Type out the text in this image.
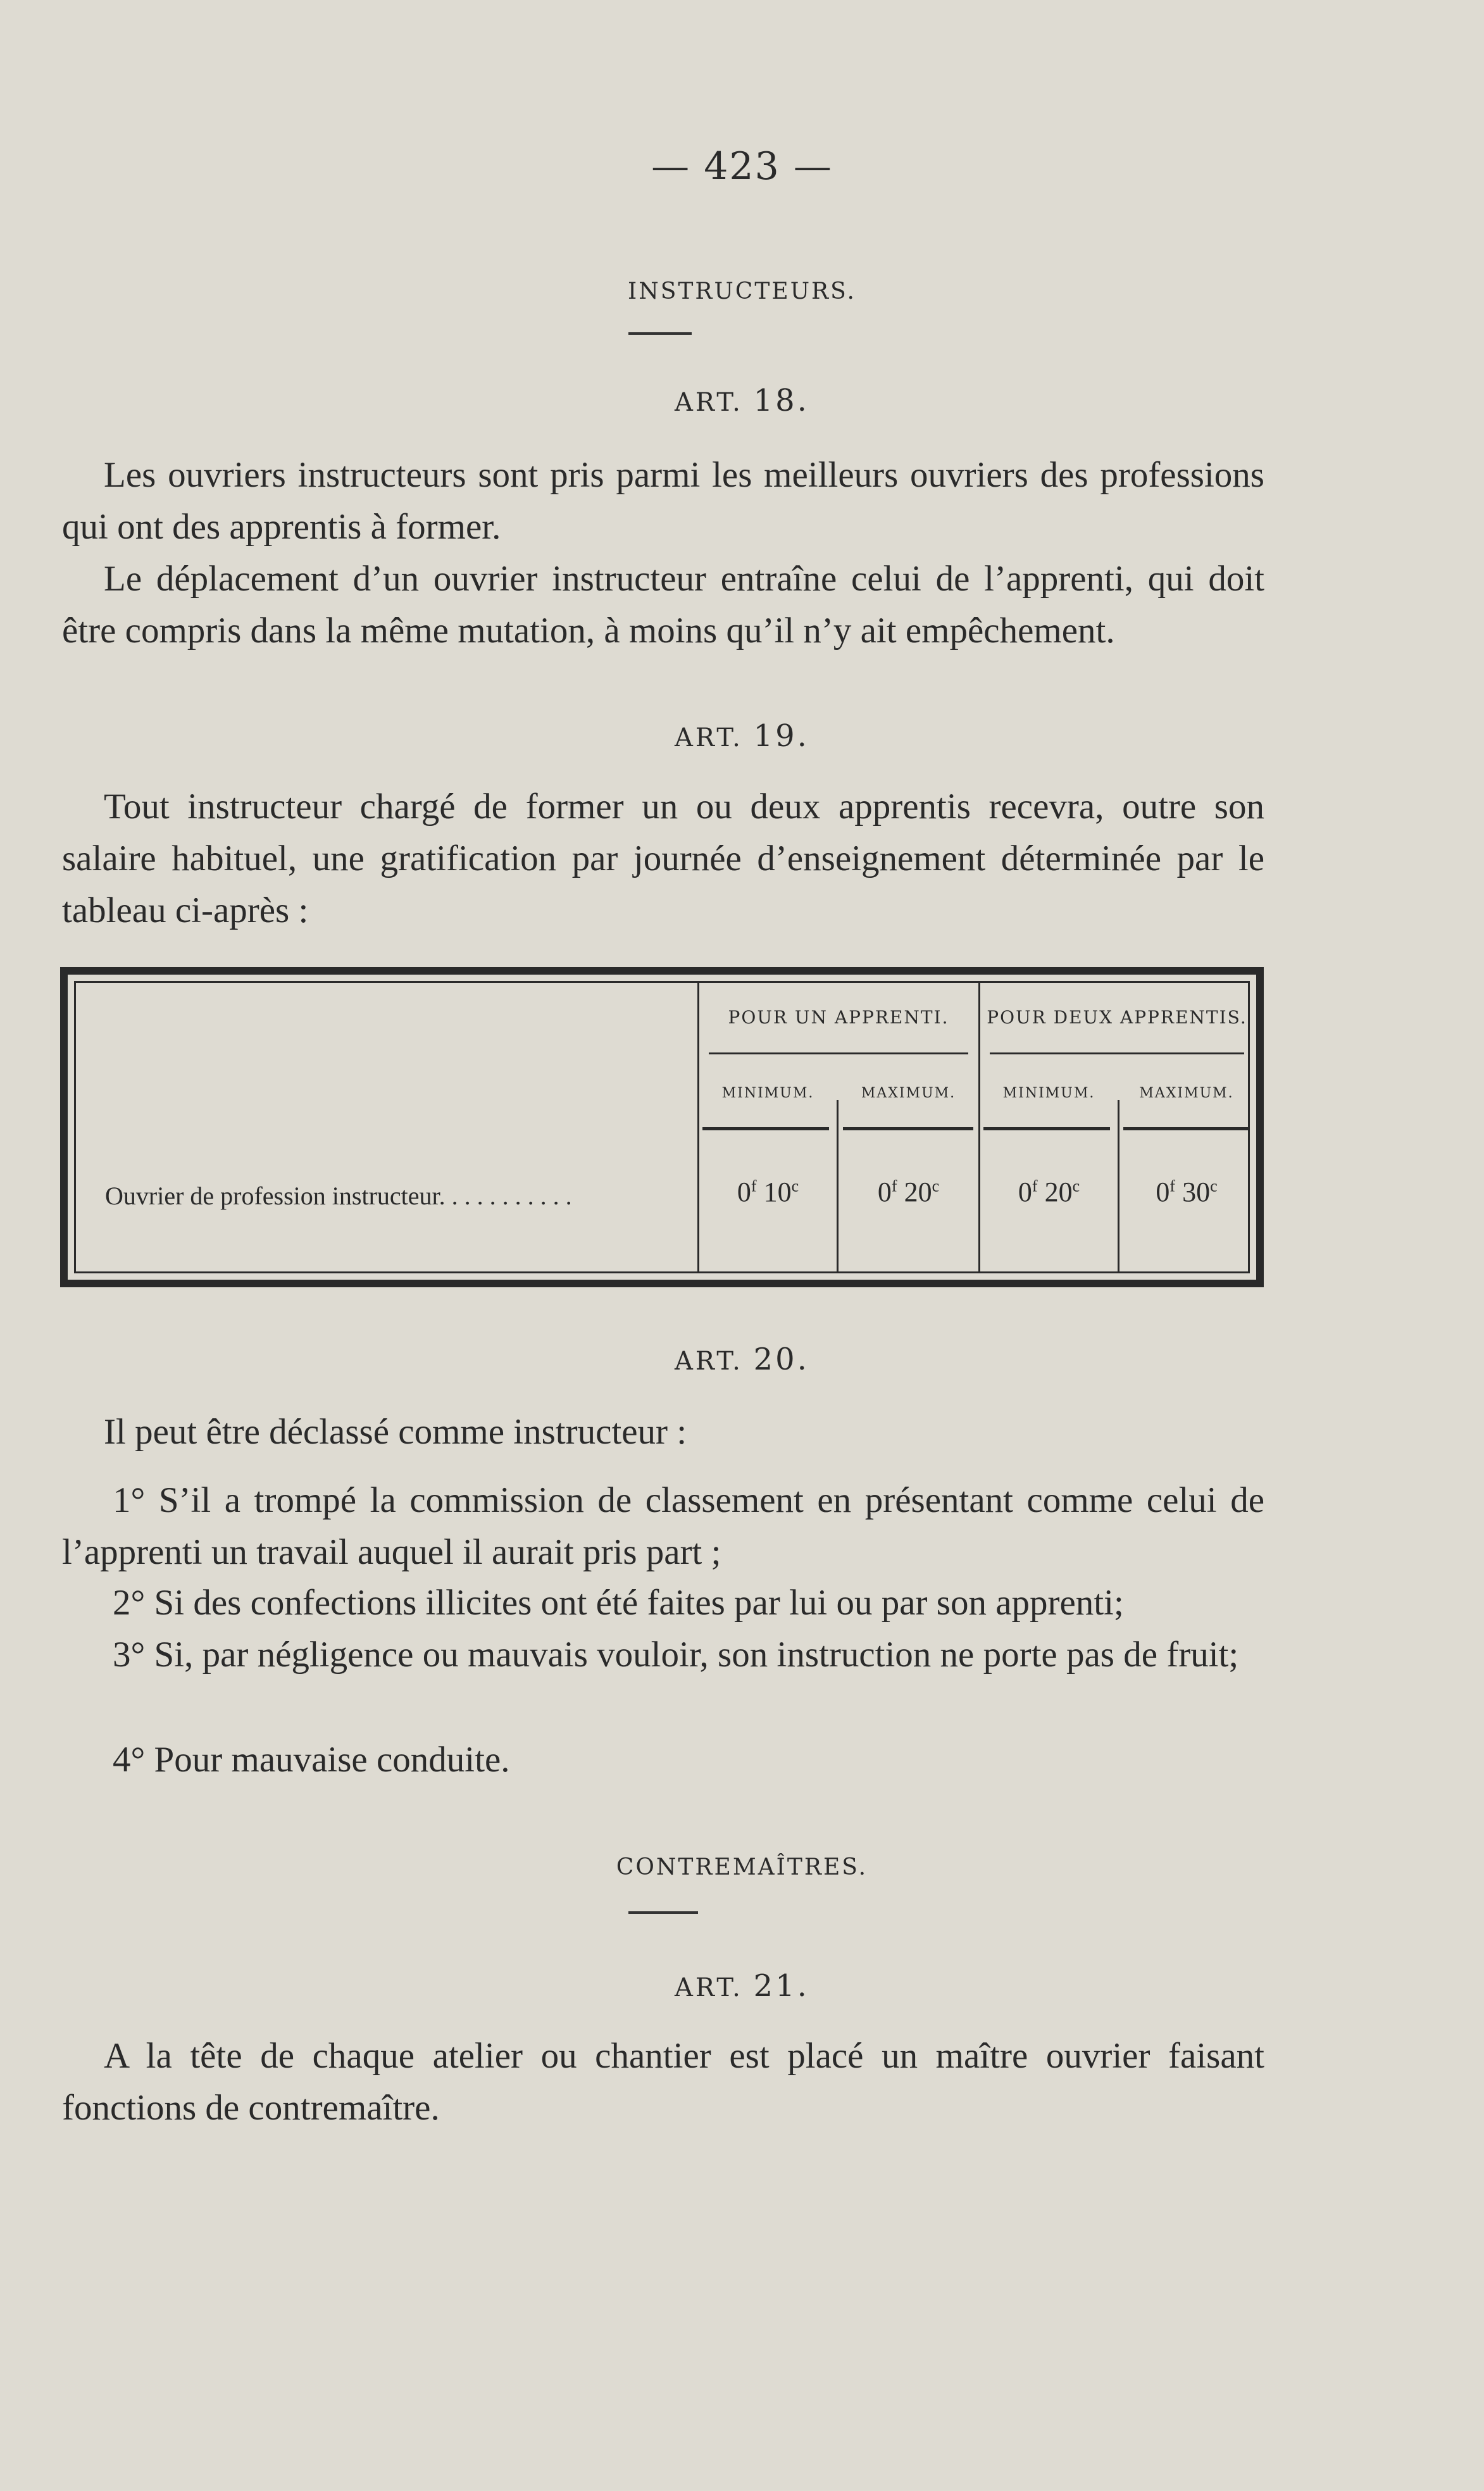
— 423 —
INSTRUCTEURS.
ART. 18.
Les ouvriers instructeurs sont pris parmi les meilleurs ouvriers des professions qui ont des apprentis à former.
Le déplacement d’un ouvrier instructeur entraîne celui de l’apprenti, qui doit être compris dans la même mutation, à moins qu’il n’y ait empêchement.
ART. 19.
Tout instructeur chargé de former un ou deux apprentis recevra, outre son salaire habituel, une gratification par journée d’enseignement déterminée par le tableau ci-après :
POUR UN APPRENTI.	POUR DEUX APPRENTIS.
MINIMUM.	MAXIMUM.	MINIMUM.	MAXIMUM.
Ouvrier de profession instructeur. . . . . . . . . . .	0$^f$ 10$^c$	0$^f$ 20$^c$	0$^f$ 20$^c$	0$^f$ 30$^c$
ART. 20.
Il peut être déclassé comme instructeur :
1° S’il a trompé la commission de classement en présentant comme celui de l’apprenti un travail auquel il aurait pris part ;
2° Si des confections illicites ont été faites par lui ou par son apprenti;
3° Si, par négligence ou mauvais vouloir, son instruction ne porte pas de fruit;
4° Pour mauvaise conduite.
CONTREMAÎTRES.
ART. 21.
A la tête de chaque atelier ou chantier est placé un maître ouvrier faisant fonctions de contremaître.
